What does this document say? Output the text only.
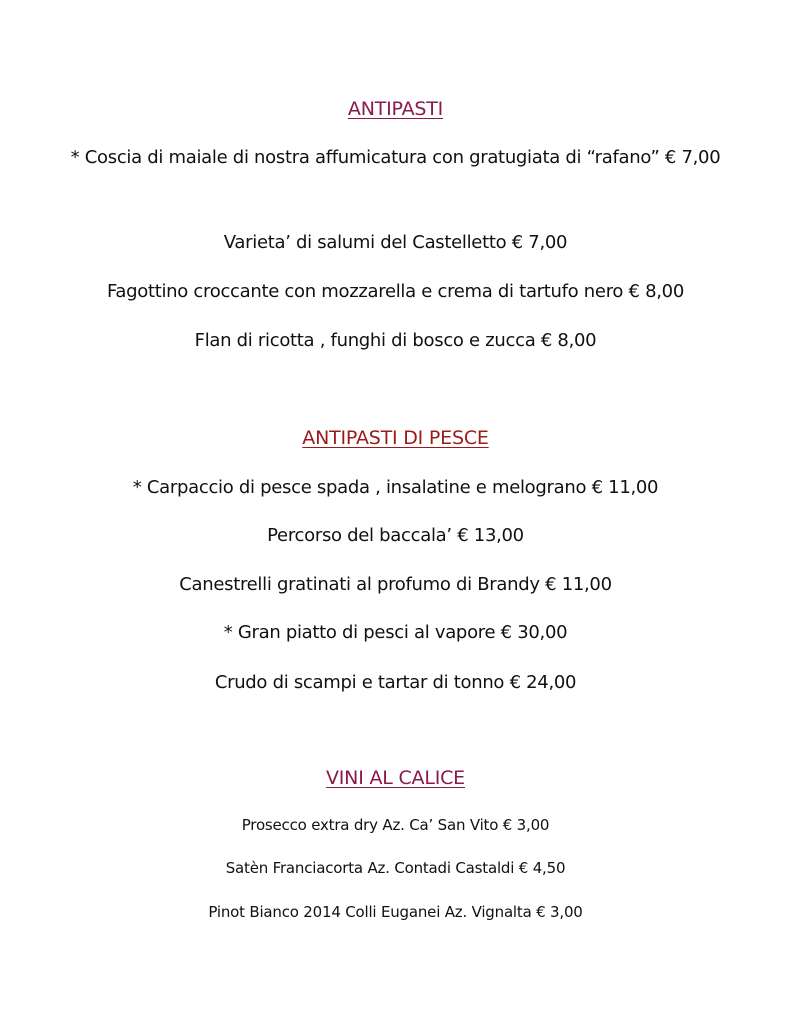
ANTIPASTI
* Coscia di maiale di nostra affumicatura con gratugiata di “rafano” € 7,00
Varieta’ di salumi del Castelletto € 7,00
Fagottino croccante con mozzarella e crema di tartufo nero € 8,00
Flan di ricotta , funghi di bosco e zucca € 8,00
ANTIPASTI DI PESCE
* Carpaccio di pesce spada , insalatine e melograno € 11,00
Percorso del baccala’ € 13,00
Canestrelli gratinati al profumo di Brandy € 11,00
* Gran piatto di pesci al vapore € 30,00
Crudo di scampi e tartar di tonno € 24,00
VINI AL CALICE
Prosecco extra dry Az. Ca’ San Vito € 3,00
Satèn Franciacorta Az. Contadi Castaldi € 4,50
Pinot Bianco 2014 Colli Euganei Az. Vignalta € 3,00
